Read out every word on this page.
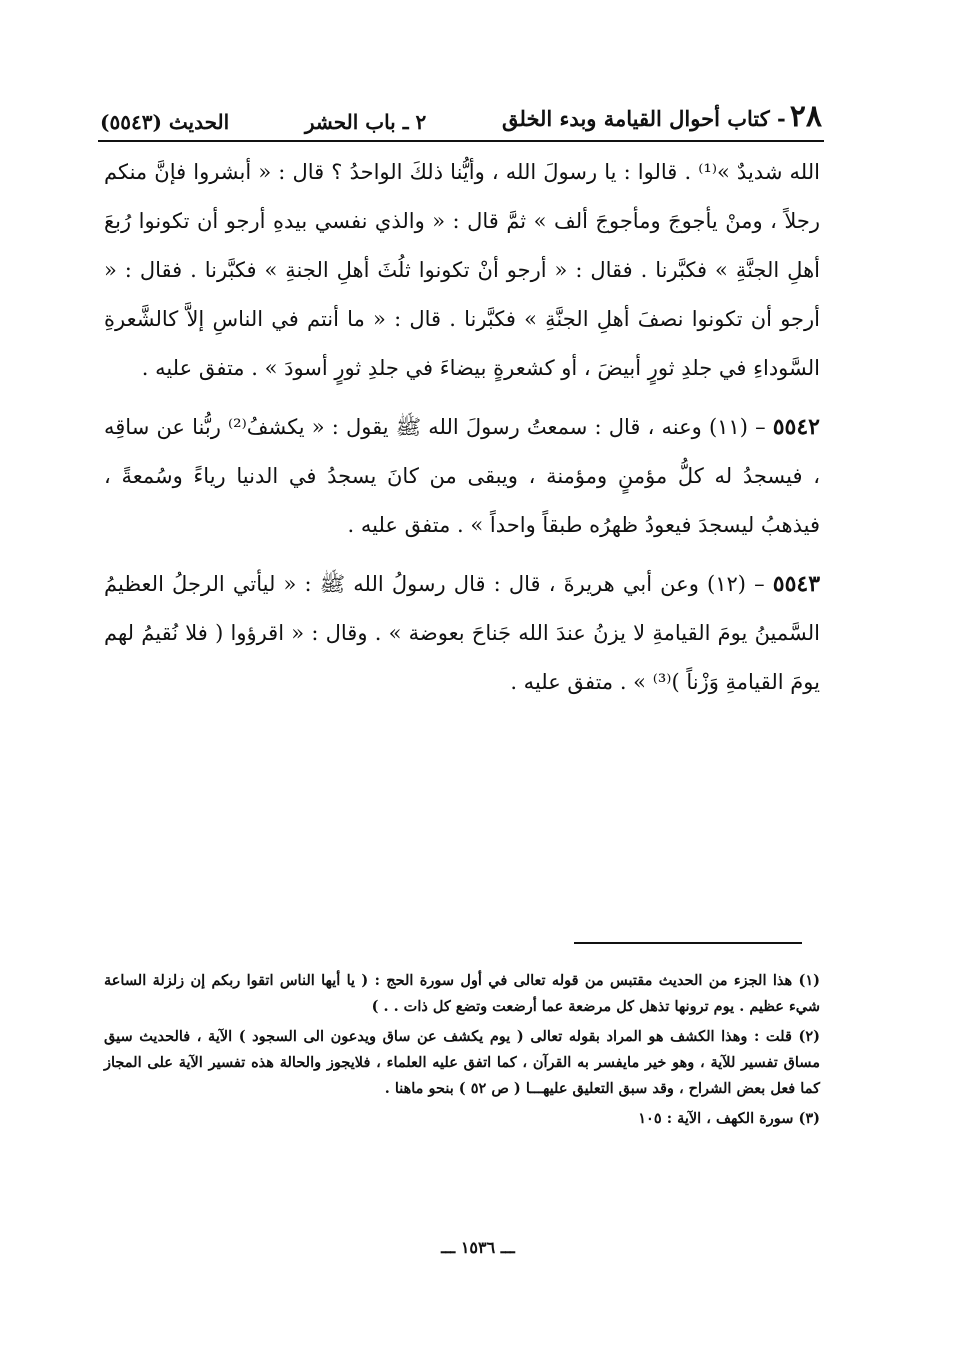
٢٨- كتاب أحوال القيامة وبدء الخلق
٢ ـ باب الحشر
الحديث (٥٥٤٣)

الله شديدٌ »⁽¹⁾ . قالوا : يا رسولَ الله ، وأيُّنا ذلكَ الواحدُ ؟ قال : « أبشروا فإنَّ منكم رجلاً ، ومنْ يأجوجَ ومأجوجَ ألف » ثمَّ قال : « والذي نفسي بيدهِ أرجو أن تكونوا رُبعَ أهلِ الجنَّةِ » فكبَّرنا . فقال : « أرجو أنْ تكونوا ثلُثَ أهلِ الجنةِ » فكبَّرنا . فقال : « أرجو أن تكونوا نصفَ أهلِ الجنَّةِ » فكبَّرنا . قال : « ما أنتم في الناسِ إلاَّ كالشَّعرةِ السَّوداءِ في جلدِ ثورٍ أبيضَ ، أو كشعرةٍ بيضاءَ في جلدِ ثورٍ أسودَ » . متفق عليه .

٥٥٤٢ – (١١) وعنه ، قال : سمعتُ رسولَ الله ﷺ يقول : « يكشفُ⁽²⁾ ربُّنا عن ساقِه ، فيسجدُ له كلُّ مؤمنٍ ومؤمنة ، ويبقى من كانَ يسجدُ في الدنيا رياءً وسُمعةً ، فيذهبُ ليسجدَ فيعودُ ظهرُه طبقاً واحداً » . متفق عليه .

٥٥٤٣ – (١٢) وعن أبي هريرةَ ، قال : قال رسولُ الله ﷺ : « ليأتي الرجلُ العظيمُ السَّمينُ يومَ القيامةِ لا يزنُ عندَ الله جَناحَ بعوضة » . وقال : « اقرؤوا ( فلا نُقيمُ لهم يومَ القيامةِ وَزْناً )⁽³⁾ » . متفق عليه .

(١) هذا الجزء من الحديث مقتبس من قوله تعالى في أول سورة الحج : ( يا أيها الناس اتقوا ربكم إن زلزلة الساعة شيء عظيم . يوم ترونها تذهل كل مرضعة عما أرضعت وتضع كل ذات . . )

(٢) قلت : وهذا الكشف هو المراد بقوله تعالى ( يوم يكشف عن ساق ويدعون الى السجود ) الآية ، فالحديث سيق مساق تفسير للآية ، وهو خير مايفسر به القرآن ، كما اتفق عليه العلماء ، فلايجوز والحالة هذه تفسير الآية على المجاز كما فعل بعض الشراح ، وقد سبق التعليق عليهـــا ( ص ٥٢ ) بنحو ماهنا .

(٣) سورة الكهف ، الآية : ١٠٥

ـــ ١٥٣٦ ـــ
